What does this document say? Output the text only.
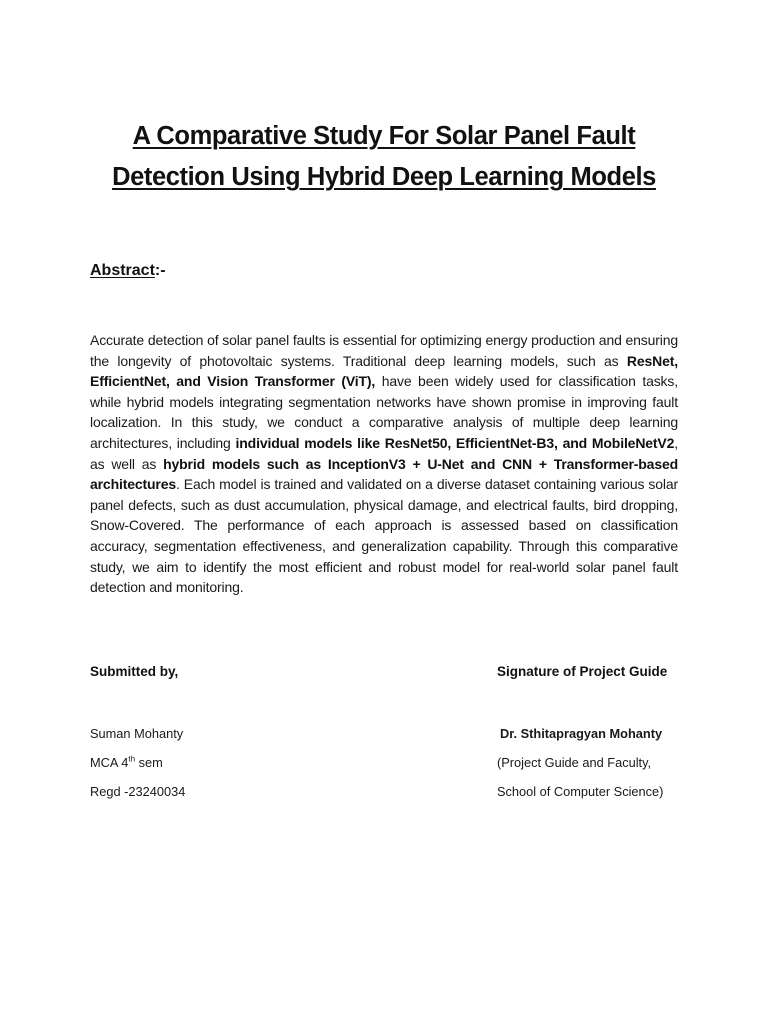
A Comparative Study For Solar Panel Fault
Detection Using Hybrid Deep Learning Models
Abstract:-
Accurate detection of solar panel faults is essential for optimizing energy production and ensuring the longevity of photovoltaic systems. Traditional deep learning models, such as ResNet, EfficientNet, and Vision Transformer (ViT), have been widely used for classification tasks, while hybrid models integrating segmentation networks have shown promise in improving fault localization. In this study, we conduct a comparative analysis of multiple deep learning architectures, including individual models like ResNet50, EfficientNet-B3, and MobileNetV2, as well as hybrid models such as InceptionV3 + U-Net and CNN + Transformer-based architectures. Each model is trained and validated on a diverse dataset containing various solar panel defects, such as dust accumulation, physical damage, and electrical faults, bird dropping, Snow-Covered. The performance of each approach is assessed based on classification accuracy, segmentation effectiveness, and generalization capability. Through this comparative study, we aim to identify the most efficient and robust model for real-world solar panel fault detection and monitoring.
Submitted by,
Suman Mohanty
MCA 4th sem
Regd -23240034
Signature of Project Guide
Dr. Sthitapragyan Mohanty
(Project Guide and Faculty,
School of Computer Science)
